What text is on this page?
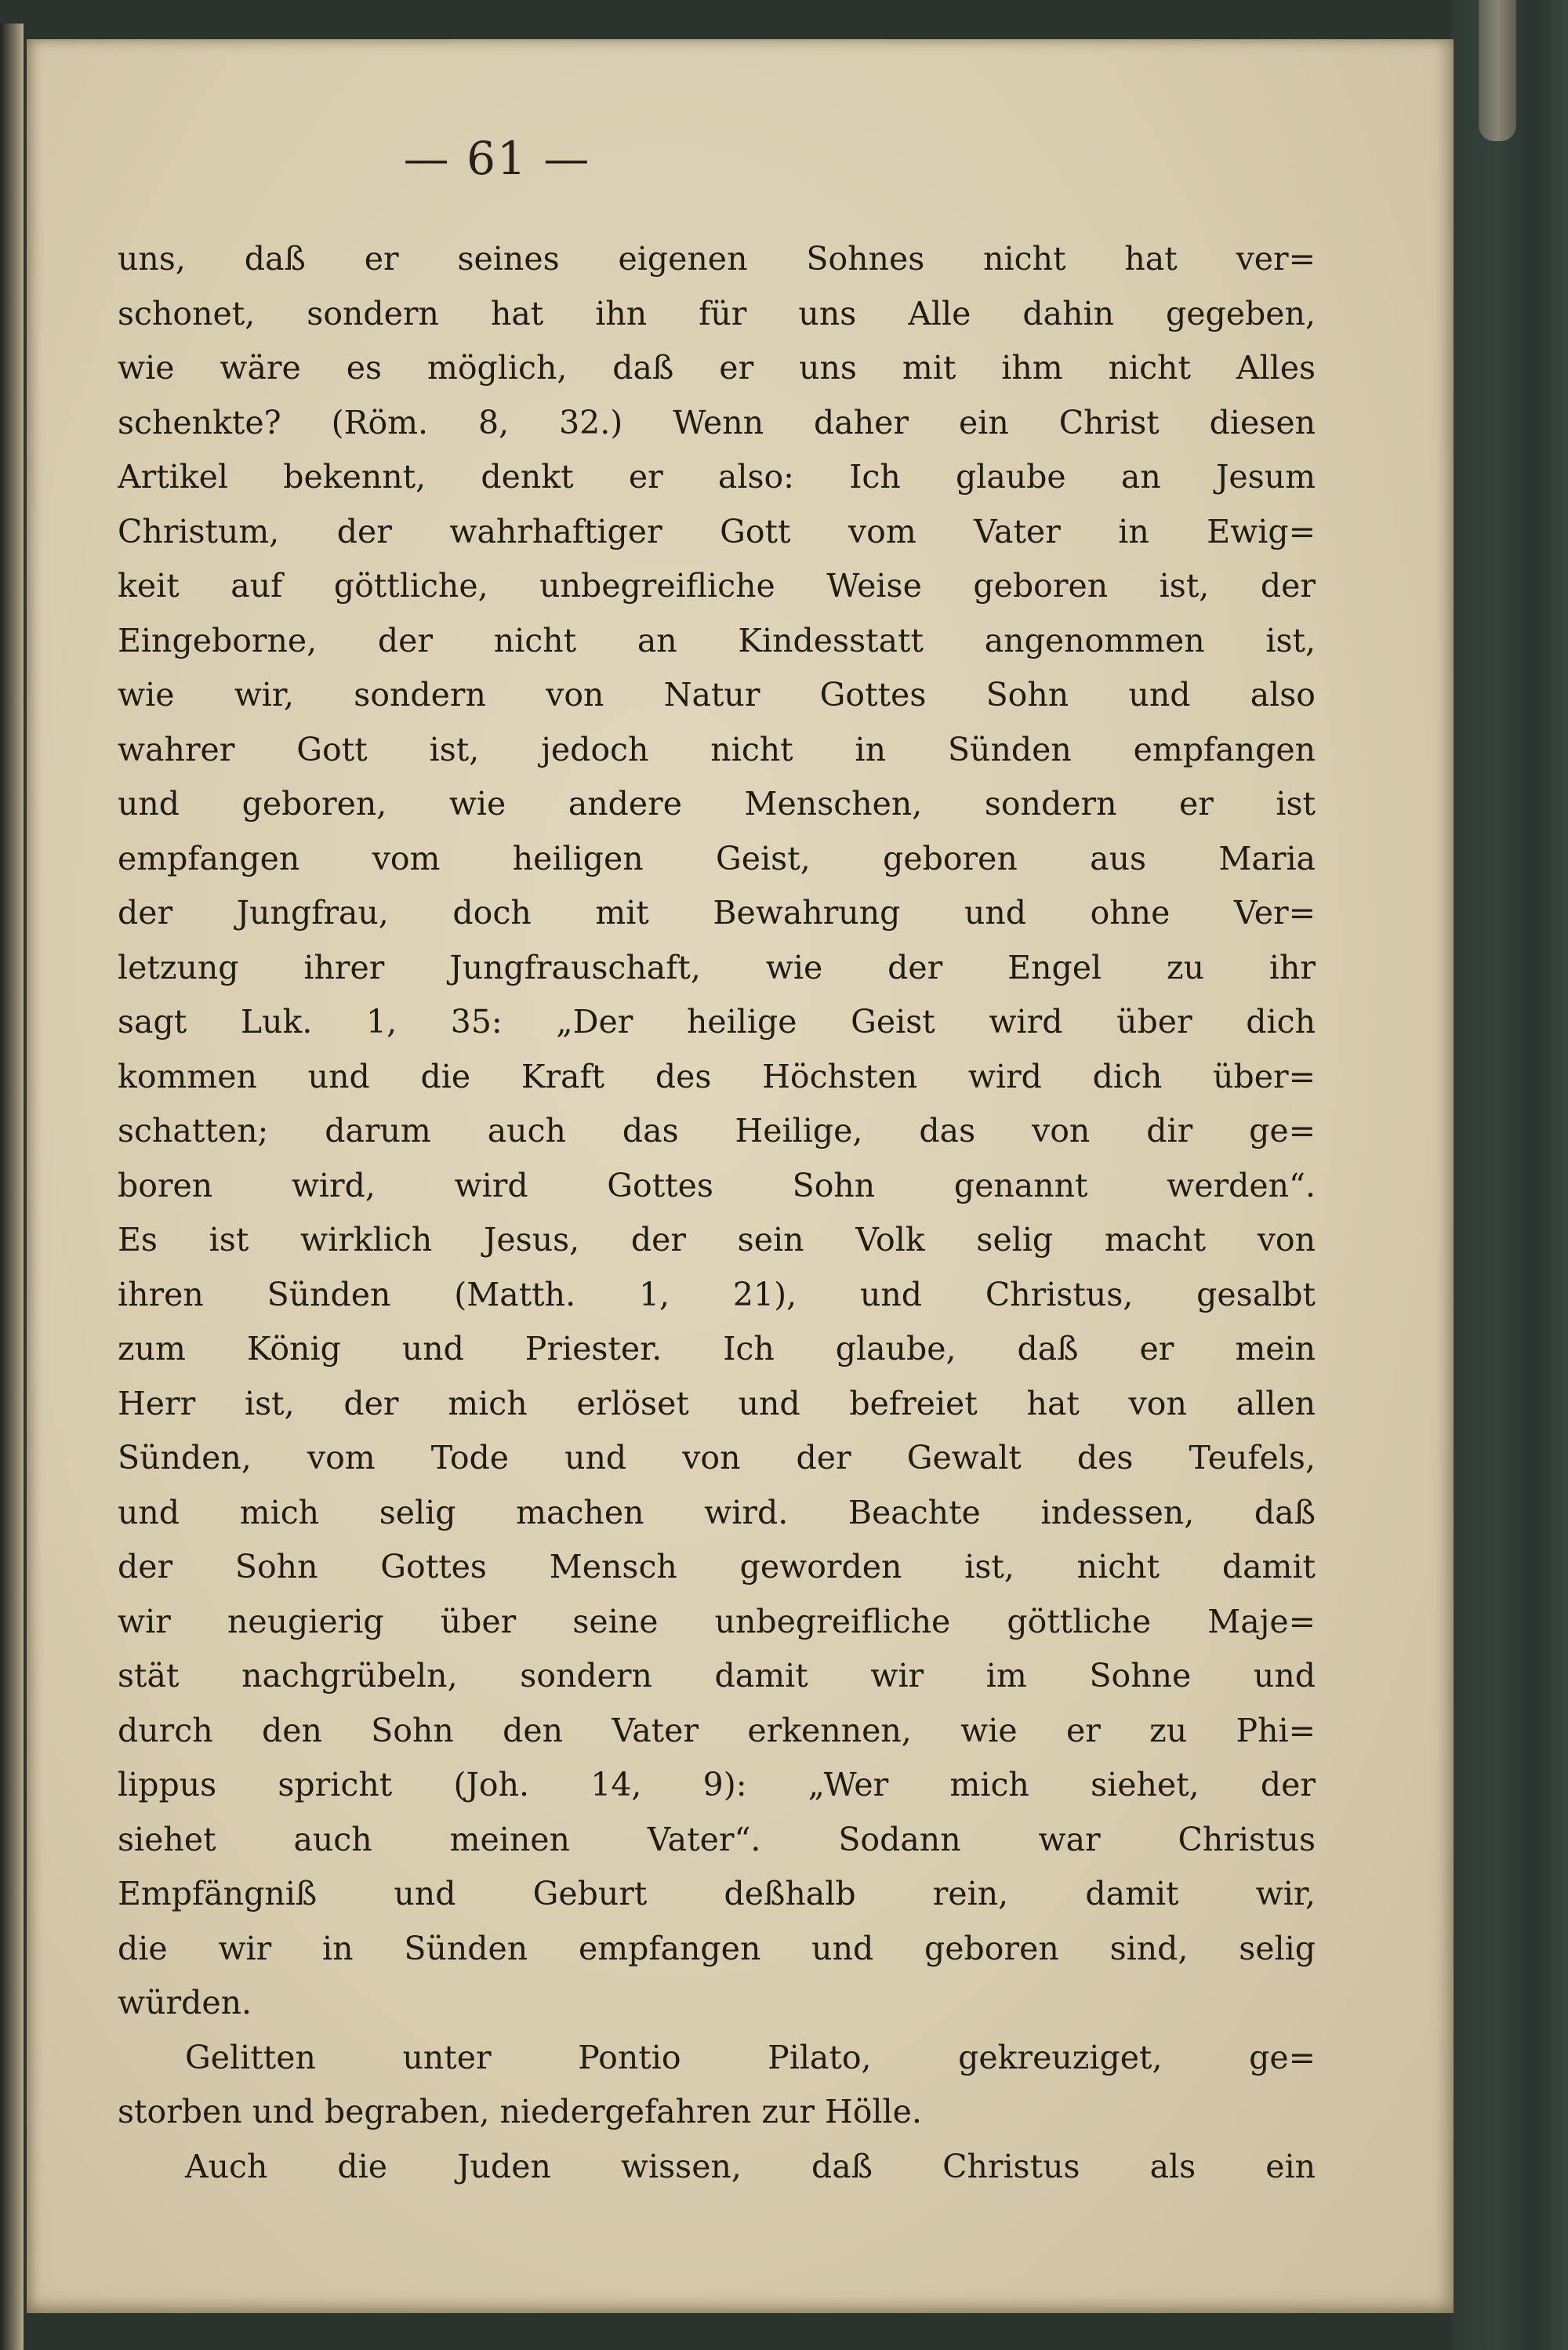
— 61 —
uns, daß er seines eigenen Sohnes nicht hat ver=
schonet, sondern hat ihn für uns Alle dahin gegeben,
wie wäre es möglich, daß er uns mit ihm nicht Alles
schenkte? (Röm. 8, 32.) Wenn daher ein Christ diesen
Artikel bekennt, denkt er also: Ich glaube an Jesum
Christum, der wahrhaftiger Gott vom Vater in Ewig=
keit auf göttliche, unbegreifliche Weise geboren ist, der
Eingeborne, der nicht an Kindesstatt angenommen ist,
wie wir, sondern von Natur Gottes Sohn und also
wahrer Gott ist, jedoch nicht in Sünden empfangen
und geboren, wie andere Menschen, sondern er ist
empfangen vom heiligen Geist, geboren aus Maria
der Jungfrau, doch mit Bewahrung und ohne Ver=
letzung ihrer Jungfrauschaft, wie der Engel zu ihr
sagt Luk. 1, 35: „Der heilige Geist wird über dich
kommen und die Kraft des Höchsten wird dich über=
schatten; darum auch das Heilige, das von dir ge=
boren wird, wird Gottes Sohn genannt werden“.
Es ist wirklich Jesus, der sein Volk selig macht von
ihren Sünden (Matth. 1, 21), und Christus, gesalbt
zum König und Priester. Ich glaube, daß er mein
Herr ist, der mich erlöset und befreiet hat von allen
Sünden, vom Tode und von der Gewalt des Teufels,
und mich selig machen wird. Beachte indessen, daß
der Sohn Gottes Mensch geworden ist, nicht damit
wir neugierig über seine unbegreifliche göttliche Maje=
stät nachgrübeln, sondern damit wir im Sohne und
durch den Sohn den Vater erkennen, wie er zu Phi=
lippus spricht (Joh. 14, 9): „Wer mich siehet, der
siehet auch meinen Vater“. Sodann war Christus
Empfängniß und Geburt deßhalb rein, damit wir,
die wir in Sünden empfangen und geboren sind, selig
würden.
Gelitten unter Pontio Pilato, gekreuziget, ge=
storben und begraben, niedergefahren zur Hölle.
Auch die Juden wissen, daß Christus als ein
